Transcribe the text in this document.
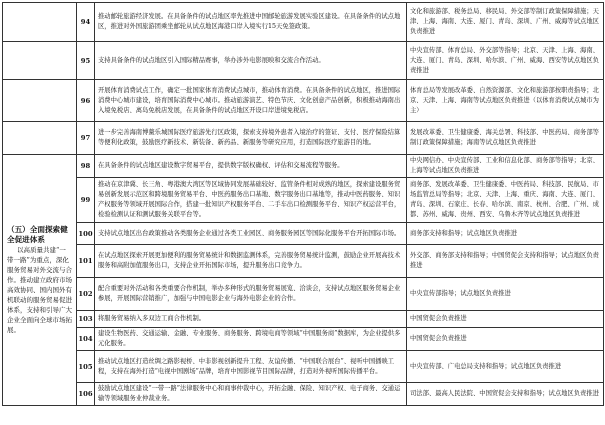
	94	推动邮轮旅游经济发展。在具备条件的试点地区率先推进中国邮轮旅游发展实验区建设。在具备条件的试点地区，推进对外国旅游团乘坐邮轮从试点地区海港口岸入境实行15天免签政策。	文化和旅游部、税务总局、移民局、外交部等制订政策保障措施；天津、上海、海南、大连、厦门、青岛、深圳、广州、威海等试点地区负责推进
	95	支持具备条件的试点地区引入国际精品赛事，举办涉外电影展映和交流合作活动。	中央宣传部、体育总局、外交部等指导；北京、天津、上海、海南、大连、厦门、青岛、深圳、哈尔滨、广州、威海、西安等试点地区负责推进
	96	开展体育消费试点工作，确定一批国家体育消费试点城市，推动体育消费。在具备条件的试点地区，推进国际消费中心城市建设，培育国际消费中心城市。推动旅游演艺、特色节庆、文化创意产品创新，积极推动海南出入境免税店、离岛免税店发展，在具备条件的试点地区开设口岸进境免税店。	体育总局等发展改革委、自然资源部、文化和旅游部按职责指导；北京、天津、上海、海南等试点地区负责推进（以体育消费试点城市为主）
	97	进一步完善海南博鳌乐城国际医疗旅游先行区政策，探索支持境外患者入境治疗的签证、支付、医疗保险结算等便利化政策，鼓励医疗新技术、新装备、新药品、新服务等研究应用，打造国际医疗旅游目的地。	发展改革委、卫生健康委、海关总署、科技部、中医药局、商务部等制订政策保障措施；海南等试点地区负责推进

（五）全面探索健全促进体系
以高质量共建“一带一路”为重点，深化服务贸易对外交流与合作。推动建立政府市场高效协同、国内国外有机联动的服务贸易促进体系，支持和引导广大企业全面向全球市场拓展。	98	在具备条件的试点地区建设数字贸易平台，提供数字版权确权、评估和交易流程等服务。	中央网信办、中央宣传部、工业和信息化部、商务部等指导；北京、上海等试点地区负责推进
	99	推动在京津冀、长三角、粤港澳大湾区等区域协同发展基础较好、监管条件相对成熟的地区，探索建设服务贸易创新发展示范区和跨境服务贸易平台、中医药服务出口基地、数字服务出口基地等，推动中医药服务、知识产权服务等领域开展国际合作，搭建一批知识产权服务平台、二手车出口检测服务平台、知识产权运营平台，检验检测认证和测试服务关联平台等。	商务部、发展改革委、卫生健康委、中医药局、科技部、民航局、市场监管总局等指导；北京、天津、上海、重庆、海南、大连、厦门、青岛、深圳、石家庄、长春、哈尔滨、南京、杭州、合肥、广州、成都、苏州、威海、贵州、西安、乌鲁木齐等试点地区负责推进
	100	支持试点地区出台政策推动各类服务企业通过各类工业园区、商务服务园区等国际化服务平台开拓国际市场。	商务部支持和指导；试点地区负责推进
	101	在试点地区探索开展更加便利的服务贸易统计和数据监测体系，完善服务贸易统计监测，鼓励企业开展高技术服务和高附加值服务出口，支持企业开拓国际市场，提升服务出口竞争力。	外交部、商务部支持和指导；中国贸促会支持和指导；试点地区负责推进
	102	配合重要对外活动和各类重要合作机制，举办多种形式的服务贸易展览、洽谈会，支持试点地区服务贸易企业参展，开展国际营销推广，加强与中国电影企业与海外电影企业的合作。	中央宣传部指导；试点地区负责推进
	103	将服务贸易纳入多双边工商合作机制。	中国贸促会负责推进
	104	建设生物医药、交通运输、金融、专业服务、商务服务、跨境电商等领域“中国服务商”数据库，为企业提供多元化服务。	中国贸促会负责推进
	105	推动试点地区打造丝绸之路影视桥、中非影视创新提升工程、友谊传播、“中国联合展台”、视听中国播映工程，支持在海外打造“电视中国剧场”品牌，培育中国影视节目国际品牌，打造对外视听国际传播平台。	中央宣传部、广电总局支持和指导；试点地区负责推进
	106	鼓励试点地区建设“一带一路”法律服务中心和商事仲裁中心，开拓金融、保险、知识产权、电子商务、交通运输等领域服务业仲裁业务。	司法部、最高人民法院、中国贸促会支持和指导；试点地区负责推进
